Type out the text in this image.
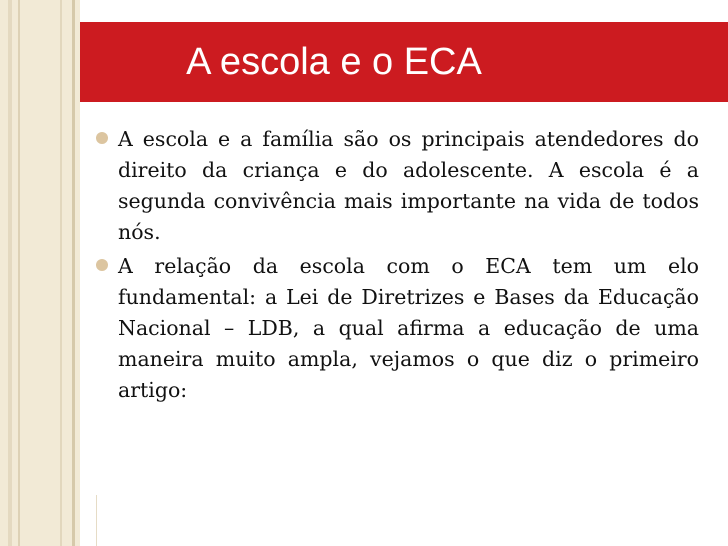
A escola e o ECA
A escola e a família são os principais atendedores do direito da criança e do adolescente. A escola é a segunda convivência mais importante na vida de todos nós.
A relação da escola com o ECA tem um elo fundamental: a Lei de Diretrizes e Bases da Educação Nacional – LDB, a qual afirma a educação de uma maneira muito ampla, vejamos o que diz o primeiro artigo:
